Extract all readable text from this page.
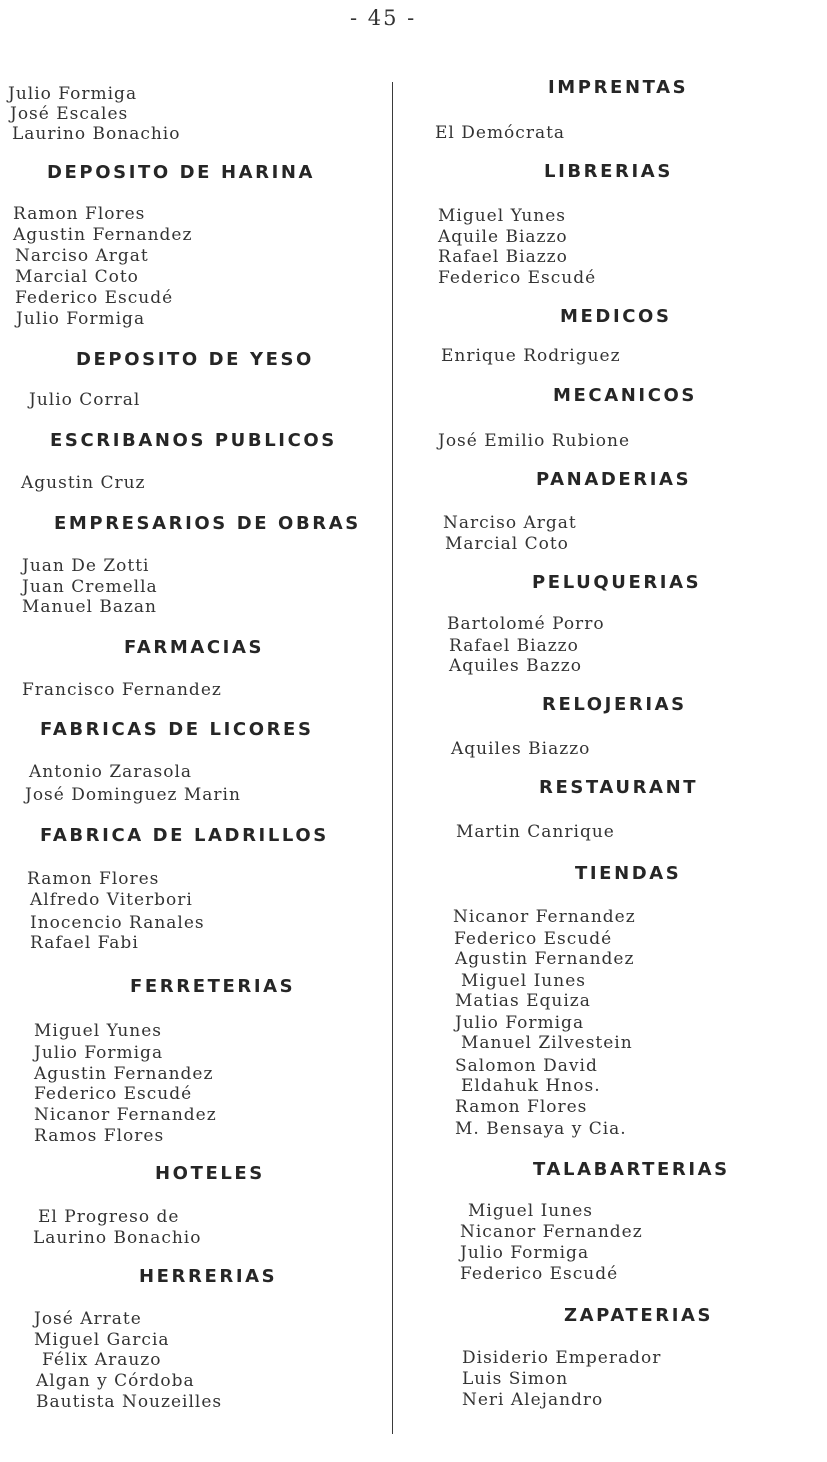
- 45 -
Julio Formiga
José Escales
Laurino Bonachio
DEPOSITO DE HARINA
Ramon Flores
Agustin Fernandez
Narciso Argat
Marcial Coto
Federico Escudé
Julio Formiga
DEPOSITO DE YESO
Julio Corral
ESCRIBANOS PUBLICOS
Agustin Cruz
EMPRESARIOS DE OBRAS
Juan De Zotti
Juan Cremella
Manuel Bazan
FARMACIAS
Francisco Fernandez
FABRICAS DE LICORES
Antonio Zarasola
José Dominguez Marin
FABRICA DE LADRILLOS
Ramon Flores
Alfredo Viterbori
Inocencio Ranales
Rafael Fabi
FERRETERIAS
Miguel Yunes
Julio Formiga
Agustin Fernandez
Federico Escudé
Nicanor Fernandez
Ramos Flores
HOTELES
El Progreso de
Laurino Bonachio
HERRERIAS
José Arrate
Miguel Garcia
Félix Arauzo
Algan y Córdoba
Bautista Nouzeilles
IMPRENTAS
El Demócrata
LIBRERIAS
Miguel Yunes
Aquile Biazzo
Rafael Biazzo
Federico Escudé
MEDICOS
Enrique Rodriguez
MECANICOS
José Emilio Rubione
PANADERIAS
Narciso Argat
Marcial Coto
PELUQUERIAS
Bartolomé Porro
Rafael Biazzo
Aquiles Bazzo
RELOJERIAS
Aquiles Biazzo
RESTAURANT
Martin Canrique
TIENDAS
Nicanor Fernandez
Federico Escudé
Agustin Fernandez
Miguel Iunes
Matias Equiza
Julio Formiga
Manuel Zilvestein
Salomon David
Eldahuk Hnos.
Ramon Flores
M. Bensaya y Cia.
TALABARTERIAS
Miguel Iunes
Nicanor Fernandez
Julio Formiga
Federico Escudé
ZAPATERIAS
Disiderio Emperador
Luis Simon
Neri Alejandro
